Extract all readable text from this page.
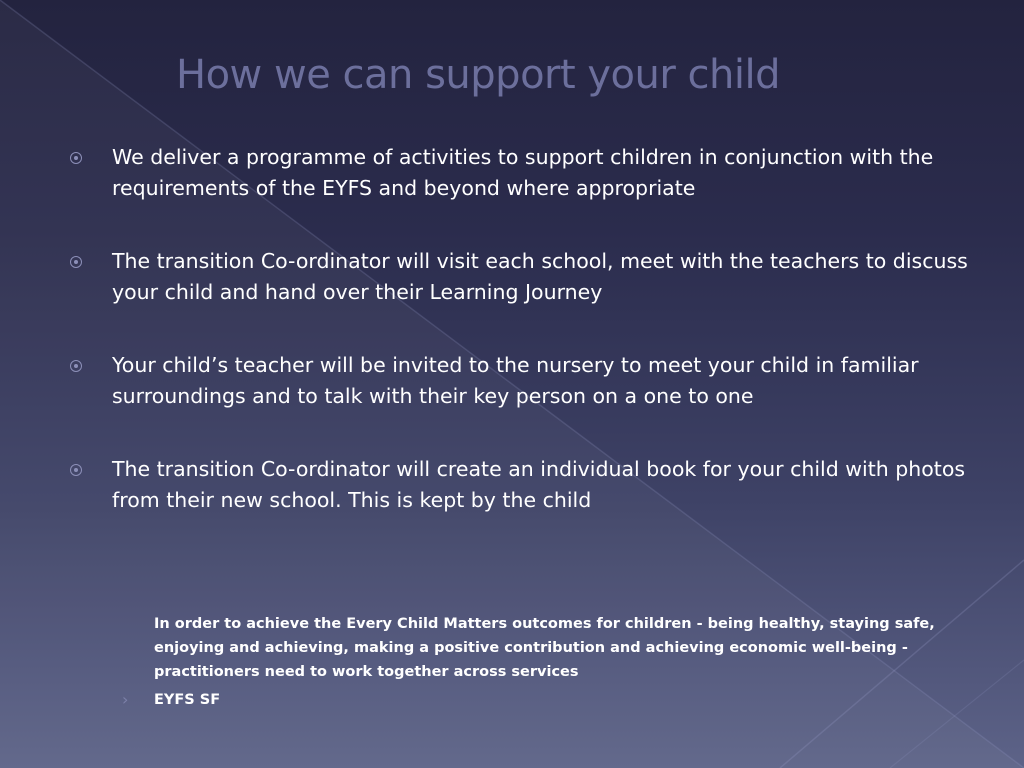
How we can support your child
We deliver a programme of activities to support children in conjunction with the requirements of the EYFS and beyond where appropriate
The transition Co-ordinator will visit each school, meet with the teachers to discuss your child and hand over their Learning Journey
Your child’s teacher will be invited to the nursery to meet your child in familiar surroundings and to talk with their key person on a one to one
The transition Co-ordinator will create an individual book for your child with photos from their new school. This is kept by the child

In order to achieve the Every Child Matters outcomes for children - being healthy, staying safe, enjoying and achieving, making a positive contribution and achieving economic well-being - practitioners need to work together across services

› EYFS SF
